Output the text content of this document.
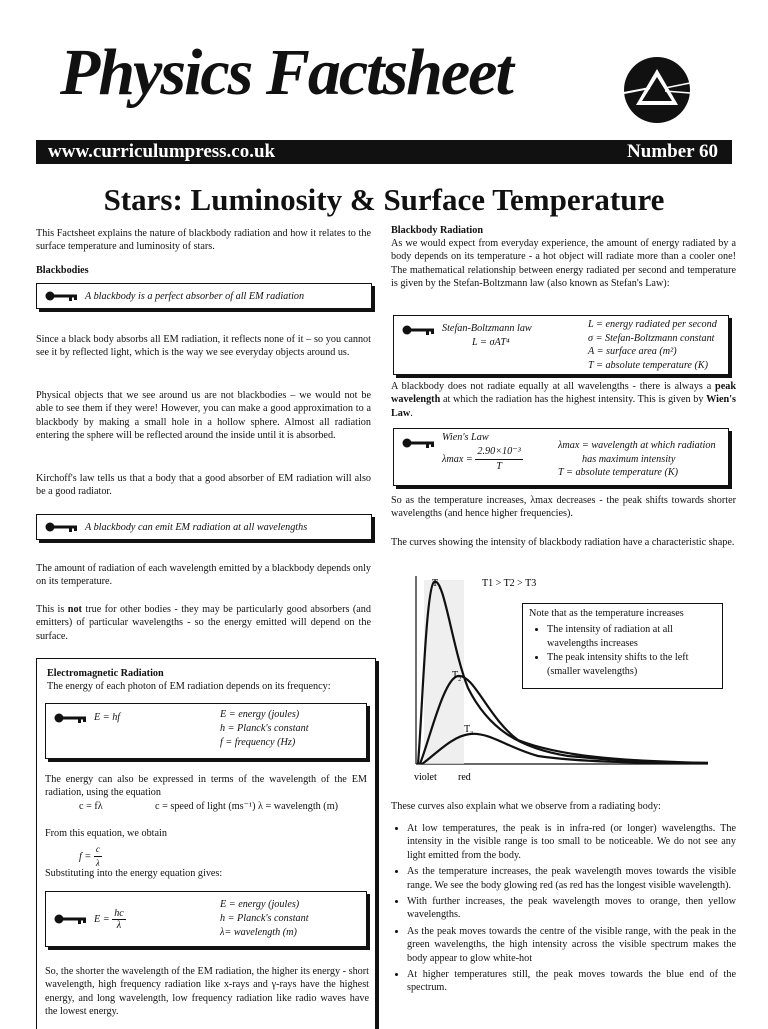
Physics Factsheet
www.curriculumpress.co.uk	Number 60
Stars: Luminosity & Surface Temperature
This Factsheet explains the nature of blackbody radiation and how it relates to the surface temperature and luminosity of stars.
Blackbodies
A blackbody is a perfect absorber of all EM radiation
Since a black body absorbs all EM radiation, it reflects none of it – so you cannot see it by reflected light, which is the way we see everyday objects around us.
Physical objects that we see around us are not blackbodies – we would not be able to see them if they were! However, you can make a good approximation to a blackbody by making a small hole in a hollow sphere. Almost all radiation entering the sphere will be reflected around the inside until it is absorbed.
Kirchoff's law tells us that a body that a good absorber of EM radiation will also be a good radiator.
A blackbody can emit EM radiation at all wavelengths
The amount of radiation of each wavelength emitted by a blackbody depends only on its temperature.
This is not true for other bodies - they may be particularly good absorbers (and emitters) of particular wavelengths - so the energy emitted will depend on the surface.
Electromagnetic Radiation
The energy of each photon of EM radiation depends on its frequency:
E = hf	E = energy (joules)
h = Planck's constant
f = frequency (Hz)
The energy can also be expressed in terms of the wavelength of the EM radiation, using the equation
c = fλ	c = speed of light (ms⁻¹) λ = wavelength (m)
From this equation, we obtain
$f = \frac{c}{\lambda}$
Substituting into the energy equation gives:
$E = \frac{hc}{\lambda}$
E = energy (joules)
h = Planck's constant
λ= wavelength (m)
So, the shorter the wavelength of the EM radiation, the higher its energy - short wavelength, high frequency radiation like x-rays and γ-rays have the highest energy, and long wavelength, low frequency radiation like radio waves have the lowest energy.
Blackbody Radiation
As we would expect from everyday experience, the amount of energy radiated by a body depends on its temperature - a hot object will radiate more than a cooler one! The mathematical relationship between energy radiated per second and temperature is given by the Stefan-Boltzmann law (also known as Stefan's Law):
Stefan-Boltzmann law
L = σAT⁴
L = energy radiated per second
σ = Stefan-Boltzmann constant
A = surface area (m²)
T = absolute temperature (K)
A blackbody does not radiate equally at all wavelengths - there is always a peak wavelength at which the radiation has the highest intensity. This is given by Wien's Law.
Wien's Law
$\lambda\max = \frac{\text{2.90×10⁻³}}{T}$	λmax = wavelength at which radiation
has maximum intensity
T = absolute temperature (K)
So as the temperature increases, λmax decreases - the peak shifts towards shorter wavelengths (and hence higher frequencies).
The curves showing the intensity of blackbody radiation have a characteristic shape.
$T_1$	T1 > T2 > T3
$T_2$
$T_3$
violet red
Note that as the temperature increases
• The intensity of radiation at all wavelengths increases
• The peak intensity shifts to the left (smaller wavelengths)
These curves also explain what we observe from a radiating body:
• At low temperatures, the peak is in infra-red (or longer) wavelengths. The intensity in the visible range is too small to be noticeable. We do not see any light emitted from the body.
• As the temperature increases, the peak wavelength moves towards the visible range. We see the body glowing red (as red has the longest visible wavelength).
• With further increases, the peak wavelength moves to orange, then yellow wavelengths.
• As the peak moves towards the centre of the visible range, with the peak in the green wavelengths, the high intensity across the visible spectrum makes the body appear to glow white-hot
• At higher temperatures still, the peak moves towards the blue end of the spectrum.
